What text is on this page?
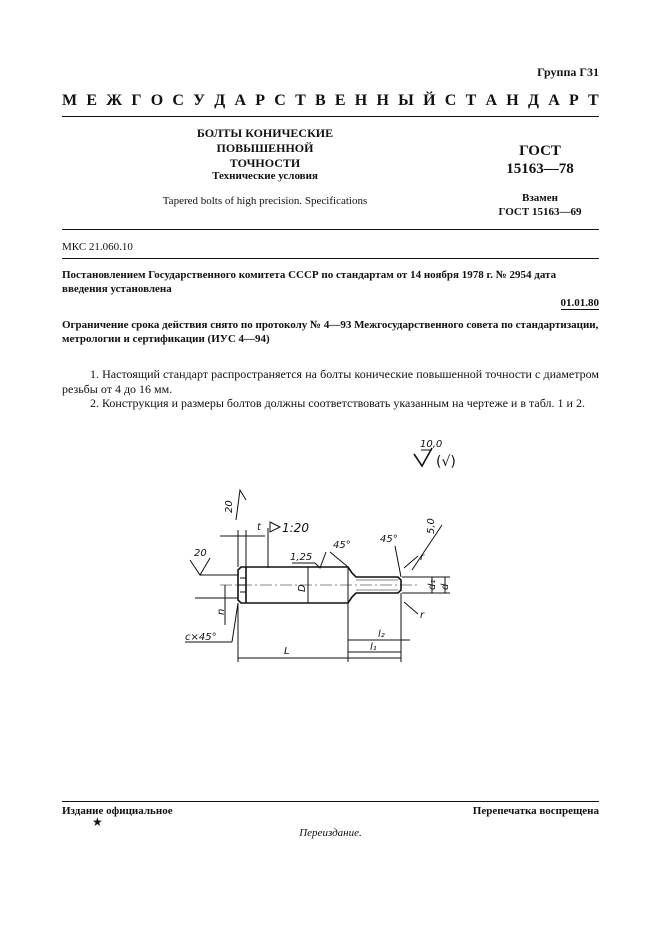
Группа Г31
М Е Ж Г О С У Д А Р С Т В Е Н Н Ы Й С Т А Н Д А Р Т
БОЛТЫ КОНИЧЕСКИЕ ПОВЫШЕННОЙ
ТОЧНОСТИ
Технические условия
Tapered bolts of high precision. Specifications
ГОСТ
15163—78
Взамен
ГОСТ 15163—69
МКС 21.060.10
Постановлением Государственного комитета СССР по стандартам от 14 ноября 1978 г. № 2954 дата введения установлена
01.01.80
Ограничение срока действия снято по протоколу № 4—93 Межгосударственного совета по стандартизации, метрологии и сертификации (ИУС 4—94)
1. Настоящий стандарт распространяется на болты конические повышенной точности с диаметром резьбы от 4 до 16 мм.
2. Конструкция и размеры болтов должны соответствовать указанным на чертеже и в табл. 1 и 2.
10,0
(√)
20
t 1:20
1,25
45°
45°
5,0
r
d₁ d
r
D
20
n
c×45°
L
l₂
l₁
Издание официальное	Перепечатка воспрещена
★
Переиздание.
